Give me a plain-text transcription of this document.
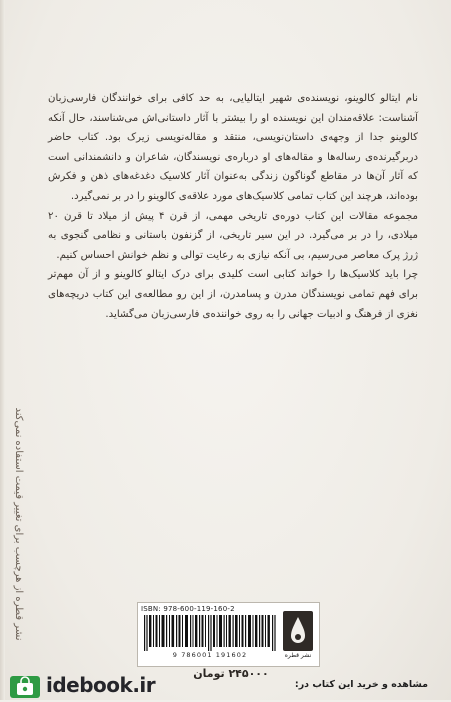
نام ایتالو کالوینو، نویسنده‌ی شهیر ایتالیایی، به حد کافی برای خوانندگان فارسی‌زبان آشناست: علاقه‌مندان این نویسنده او را بیشتر با آثار داستانی‌اش می‌شناسند، حال آنکه کالوینو جدا از وجهه‌ی داستان‌نویسی، منتقد و مقاله‌نویسی زیرک بود. کتاب حاضر دربرگیرنده‌ی رساله‌ها و مقاله‌های او درباره‌ی نویسندگان، شاعران و دانشمندانی است که آثار آن‌ها در مقاطع گوناگون زندگی به‌عنوان آثار کلاسیک دغدغه‌های ذهن و فکرش بوده‌اند، هرچند این کتاب تمامی کلاسیک‌های مورد علاقه‌ی کالوینو را در بر نمی‌گیرد.

مجموعه مقالات این کتاب دوره‌ی تاریخی مهمی، از قرن ۴ پیش از میلاد تا قرن ۲۰ میلادی، را در بر می‌گیرد. در این سیر تاریخی، از گزنفون باستانی و نظامی گنجوی به ژرژ پرک معاصر می‌رسیم، بی آنکه نیازی به رعایت توالی و نظم خوانش احساس کنیم.

چرا باید کلاسیک‌ها را خواند کتابی است کلیدی برای درک ایتالو کالوینو و از آن مهم‌تر برای فهم تمامی نویسندگان مدرن و پسامدرن، از این رو مطالعه‌ی این کتاب دریچه‌های نغزی از فرهنگ و ادبیات جهانی را به روی خواننده‌ی فارسی‌زبان می‌گشاید.

نشر قطره از هرچسب برای تغییر قیمت استفاده نمی‌کند	ISBN: 978-600-119-160-2
9 786001 191602	نشر قطره
۲۴۵۰۰۰ تومان
idebook.ir	مشاهده و خرید این کتاب در:
